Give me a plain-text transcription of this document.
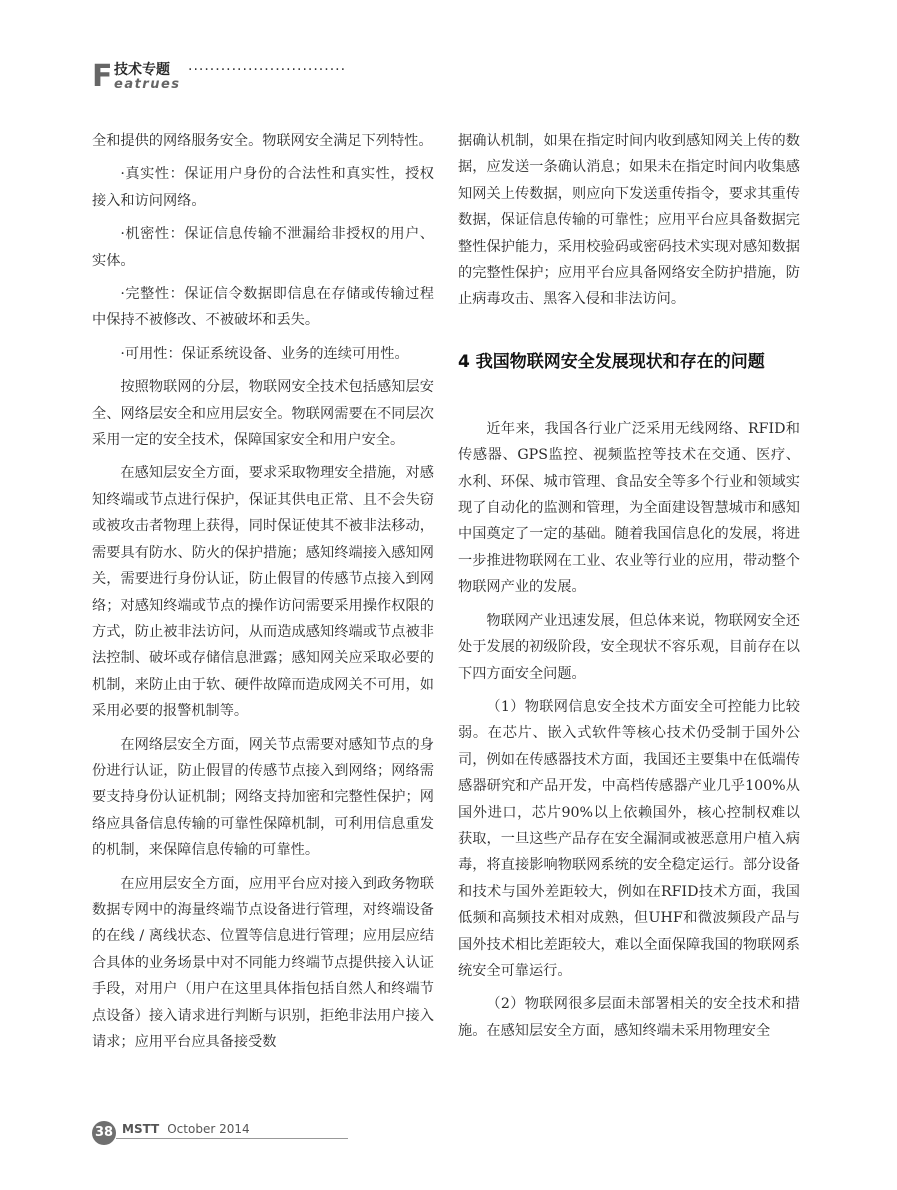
F 技术专题 ·····························
eatrues

全和提供的网络服务安全。物联网安全满足下列特性。

·真实性：保证用户身份的合法性和真实性，授权接入和访问网络。

·机密性：保证信息传输不泄漏给非授权的用户、实体。

·完整性：保证信令数据即信息在存储或传输过程中保持不被修改、不被破坏和丢失。

·可用性：保证系统设备、业务的连续可用性。

按照物联网的分层，物联网安全技术包括感知层安全、网络层安全和应用层安全。物联网需要在不同层次采用一定的安全技术，保障国家安全和用户安全。

在感知层安全方面，要求采取物理安全措施，对感知终端或节点进行保护，保证其供电正常、且不会失窃或被攻击者物理上获得，同时保证使其不被非法移动，需要具有防水、防火的保护措施；感知终端接入感知网关，需要进行身份认证，防止假冒的传感节点接入到网络；对感知终端或节点的操作访问需要采用操作权限的方式，防止被非法访问，从而造成感知终端或节点被非法控制、破坏或存储信息泄露；感知网关应采取必要的机制，来防止由于软、硬件故障而造成网关不可用，如采用必要的报警机制等。

在网络层安全方面，网关节点需要对感知节点的身份进行认证，防止假冒的传感节点接入到网络；网络需要支持身份认证机制；网络支持加密和完整性保护；网络应具备信息传输的可靠性保障机制，可利用信息重发的机制，来保障信息传输的可靠性。

在应用层安全方面，应用平台应对接入到政务物联数据专网中的海量终端节点设备进行管理，对终端设备的在线 / 离线状态、位置等信息进行管理；应用层应结合具体的业务场景中对不同能力终端节点提供接入认证手段，对用户（用户在这里具体指包括自然人和终端节点设备）接入请求进行判断与识别，拒绝非法用户接入请求；应用平台应具备接受数

据确认机制，如果在指定时间内收到感知网关上传的数据，应发送一条确认消息；如果未在指定时间内收集感知网关上传数据，则应向下发送重传指令，要求其重传数据，保证信息传输的可靠性；应用平台应具备数据完整性保护能力，采用校验码或密码技术实现对感知数据的完整性保护；应用平台应具备网络安全防护措施，防止病毒攻击、黑客入侵和非法访问。

4 我国物联网安全发展现状和存在的问题

近年来，我国各行业广泛采用无线网络、RFID和传感器、GPS监控、视频监控等技术在交通、医疗、水利、环保、城市管理、食品安全等多个行业和领域实现了自动化的监测和管理，为全面建设智慧城市和感知中国奠定了一定的基础。随着我国信息化的发展，将进一步推进物联网在工业、农业等行业的应用，带动整个物联网产业的发展。

物联网产业迅速发展，但总体来说，物联网安全还处于发展的初级阶段，安全现状不容乐观，目前存在以下四方面安全问题。

（1）物联网信息安全技术方面安全可控能力比较弱。在芯片、嵌入式软件等核心技术仍受制于国外公司，例如在传感器技术方面，我国还主要集中在低端传感器研究和产品开发，中高档传感器产业几乎100%从国外进口，芯片90%以上依赖国外，核心控制权难以获取，一旦这些产品存在安全漏洞或被恶意用户植入病毒，将直接影响物联网系统的安全稳定运行。部分设备和技术与国外差距较大，例如在RFID技术方面，我国低频和高频技术相对成熟，但UHF和微波频段产品与国外技术相比差距较大，难以全面保障我国的物联网系统安全可靠运行。

（2）物联网很多层面未部署相关的安全技术和措施。在感知层安全方面，感知终端未采用物理安全

38 MSTT October 2014
